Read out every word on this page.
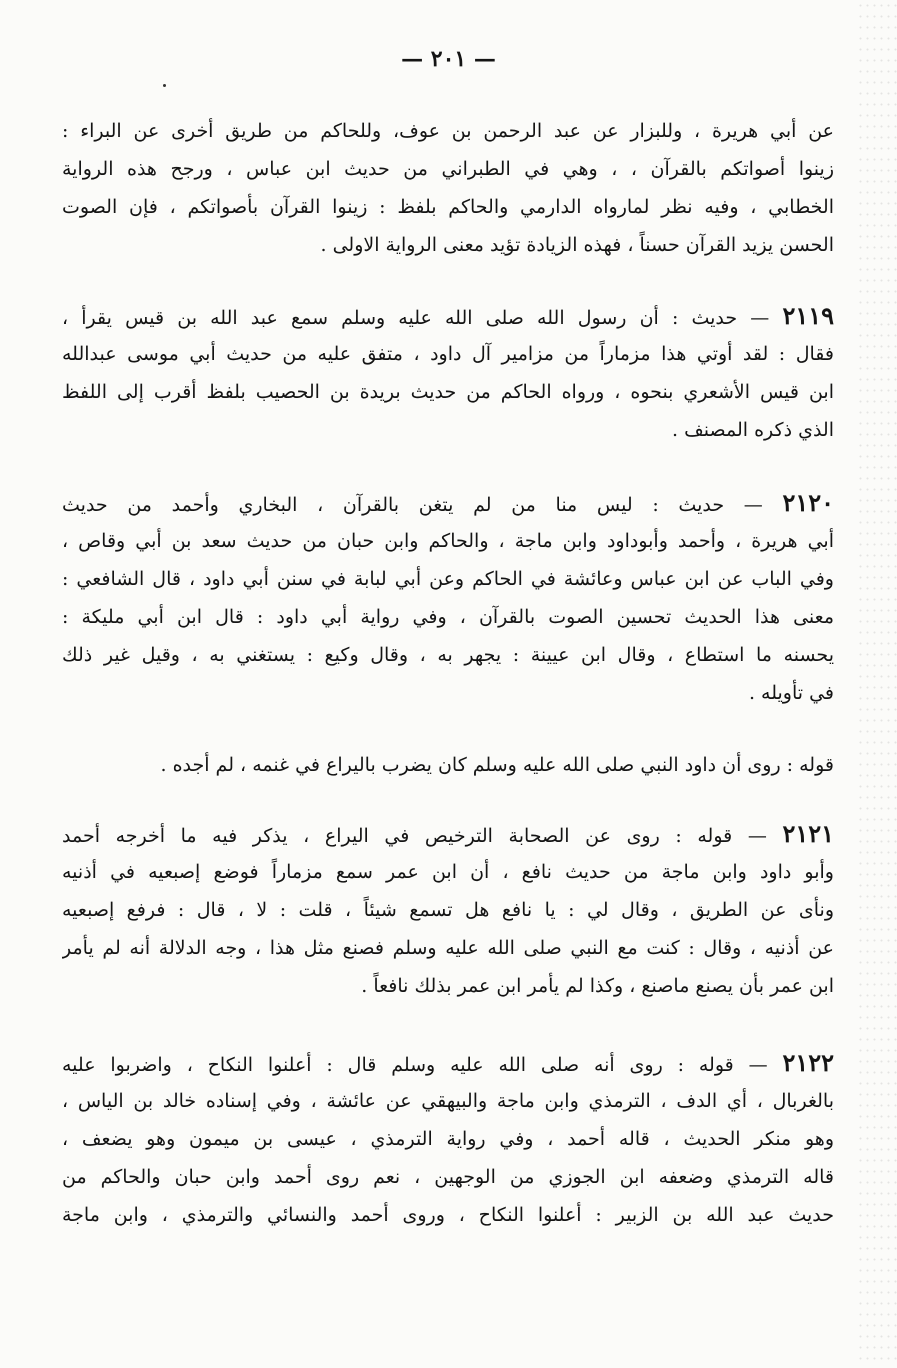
— ٢٠١ —
عن أبي هريرة ، وللبزار عن عبد الرحمن بن عوف، وللحاكم من طريق أخرى عن البراء :
زينوا أصواتكم بالقرآن ، ، وهي في الطبراني من حديث ابن عباس ، ورجح هذه الرواية
الخطابي ، وفيه نظر لمارواه الدارمي والحاكم بلفظ : زينوا القرآن بأصواتكم ، فإن الصوت
الحسن يزيد القرآن حسناً ، فهذه الزيادة تؤيد معنى الرواية الاولى .
٢١١٩ — حديث : أن رسول الله صلى الله عليه وسلم سمع عبد الله بن قيس يقرأ ،
فقال : لقد أوتي هذا مزماراً من مزامير آل داود ، متفق عليه من حديث أبي موسى عبدالله
ابن قيس الأشعري بنحوه ، ورواه الحاكم من حديث بريدة بن الحصيب بلفظ أقرب إلى اللفظ
الذي ذكره المصنف .
٢١٢٠ — حديث : ليس منا من لم يتغن بالقرآن ، البخاري وأحمد من حديث
أبي هريرة ، وأحمد وأبوداود وابن ماجة ، والحاكم وابن حبان من حديث سعد بن أبي وقاص ،
وفي الباب عن ابن عباس وعائشة في الحاكم وعن أبي لبابة في سنن أبي داود ، قال الشافعي :
معنى هذا الحديث تحسين الصوت بالقرآن ، وفي رواية أبي داود : قال ابن أبي مليكة :
يحسنه ما استطاع ، وقال ابن عيينة : يجهر به ، وقال وكيع : يستغني به ، وقيل غير ذلك
في تأويله .
قوله : روى أن داود النبي صلى الله عليه وسلم كان يضرب باليراع في غنمه ، لم أجده .
٢١٢١ — قوله : روى عن الصحابة الترخيص في اليراع ، يذكر فيه ما أخرجه أحمد
وأبو داود وابن ماجة من حديث نافع ، أن ابن عمر سمع مزماراً فوضع إصبعيه في أذنيه
ونأى عن الطريق ، وقال لي : يا نافع هل تسمع شيئاً ، قلت : لا ، قال : فرفع إصبعيه
عن أذنيه ، وقال : كنت مع النبي صلى الله عليه وسلم فصنع مثل هذا ، وجه الدلالة أنه لم يأمر
ابن عمر بأن يصنع ماصنع ، وكذا لم يأمر ابن عمر بذلك نافعاً .
٢١٢٢ — قوله : روى أنه صلى الله عليه وسلم قال : أعلنوا النكاح ، واضربوا عليه
بالغربال ، أي الدف ، الترمذي وابن ماجة والبيهقي عن عائشة ، وفي إسناده خالد بن الياس ،
وهو منكر الحديث ، قاله أحمد ، وفي رواية الترمذي ، عيسى بن ميمون وهو يضعف ،
قاله الترمذي وضعفه ابن الجوزي من الوجهين ، نعم روى أحمد وابن حبان والحاكم من
حديث عبد الله بن الزبير : أعلنوا النكاح ، وروى أحمد والنسائي والترمذي ، وابن ماجة
